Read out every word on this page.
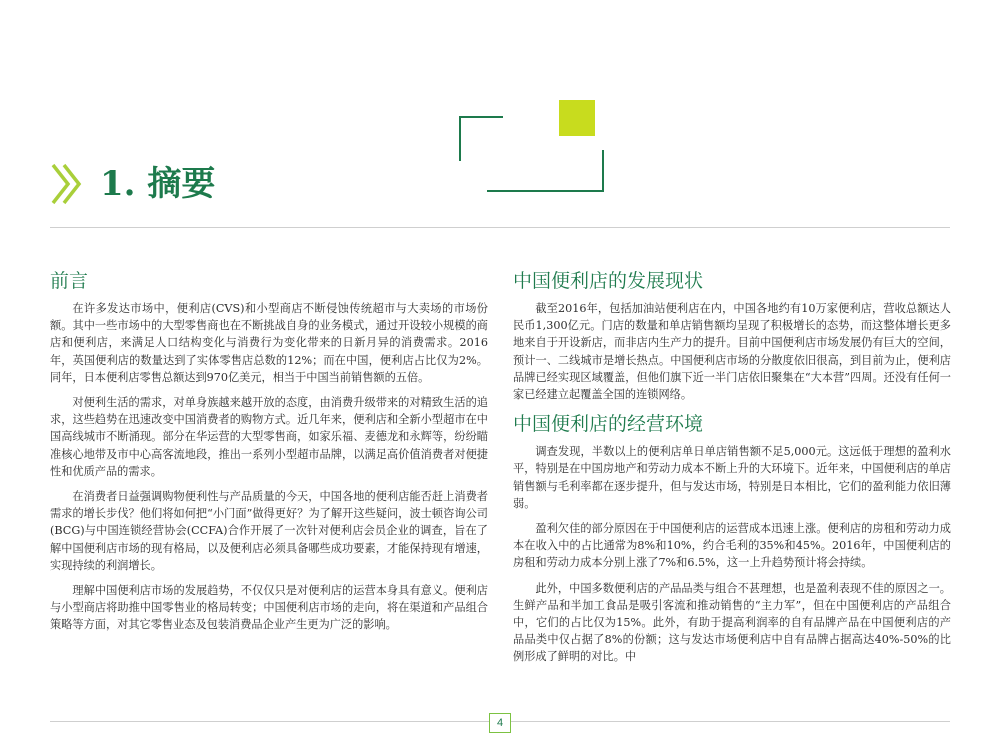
1. 摘要
前言

在许多发达市场中，便利店(CVS)和小型商店不断侵蚀传统超市与大卖场的市场份额。其中一些市场中的大型零售商也在不断挑战自身的业务模式，通过开设较小规模的商店和便利店，来满足人口结构变化与消费行为变化带来的日新月异的消费需求。2016年，英国便利店的数量达到了实体零售店总数的12%；而在中国，便利店占比仅为2%。同年，日本便利店零售总额达到970亿美元，相当于中国当前销售额的五倍。

对便利生活的需求，对单身族越来越开放的态度，由消费升级带来的对精致生活的追求，这些趋势在迅速改变中国消费者的购物方式。近几年来，便利店和全新小型超市在中国高线城市不断涌现。部分在华运营的大型零售商，如家乐福、麦德龙和永辉等，纷纷瞄准核心地带及市中心高客流地段，推出一系列小型超市品牌，以满足高价值消费者对便捷性和优质产品的需求。

在消费者日益强调购物便利性与产品质量的今天，中国各地的便利店能否赶上消费者需求的增长步伐？他们将如何把“小门面”做得更好？为了解开这些疑问，波士顿咨询公司(BCG)与中国连锁经营协会(CCFA)合作开展了一次针对便利店会员企业的调查，旨在了解中国便利店市场的现有格局，以及便利店必须具备哪些成功要素，才能保持现有增速，实现持续的利润增长。

理解中国便利店市场的发展趋势，不仅仅只是对便利店的运营本身具有意义。便利店与小型商店将助推中国零售业的格局转变；中国便利店市场的走向，将在渠道和产品组合策略等方面，对其它零售业态及包装消费品企业产生更为广泛的影响。

中国便利店的发展现状

截至2016年，包括加油站便利店在内，中国各地约有10万家便利店，营收总额达人民币1,300亿元。门店的数量和单店销售额均呈现了积极增长的态势，而这整体增长更多地来自于开设新店，而非店内生产力的提升。目前中国便利店市场发展仍有巨大的空间，预计一、二线城市是增长热点。中国便利店市场的分散度依旧很高，到目前为止，便利店品牌已经实现区域覆盖，但他们旗下近一半门店依旧聚集在“大本营”四周。还没有任何一家已经建立起覆盖全国的连锁网络。

中国便利店的经营环境

调查发现，半数以上的便利店单日单店销售额不足5,000元。这远低于理想的盈利水平，特别是在中国房地产和劳动力成本不断上升的大环境下。近年来，中国便利店的单店销售额与毛利率都在逐步提升，但与发达市场，特别是日本相比，它们的盈利能力依旧薄弱。

盈利欠佳的部分原因在于中国便利店的运营成本迅速上涨。便利店的房租和劳动力成本在收入中的占比通常为8%和10%，约合毛利的35%和45%。2016年，中国便利店的房租和劳动力成本分别上涨了7%和6.5%，这一上升趋势预计将会持续。

此外，中国多数便利店的产品品类与组合不甚理想，也是盈利表现不佳的原因之一。生鲜产品和半加工食品是吸引客流和推动销售的“主力军”，但在中国便利店的产品组合中，它们的占比仅为15%。此外，有助于提高利润率的自有品牌产品在中国便利店的产品品类中仅占据了8%的份额；这与发达市场便利店中自有品牌占据高达40%-50%的比例形成了鲜明的对比。中

4
